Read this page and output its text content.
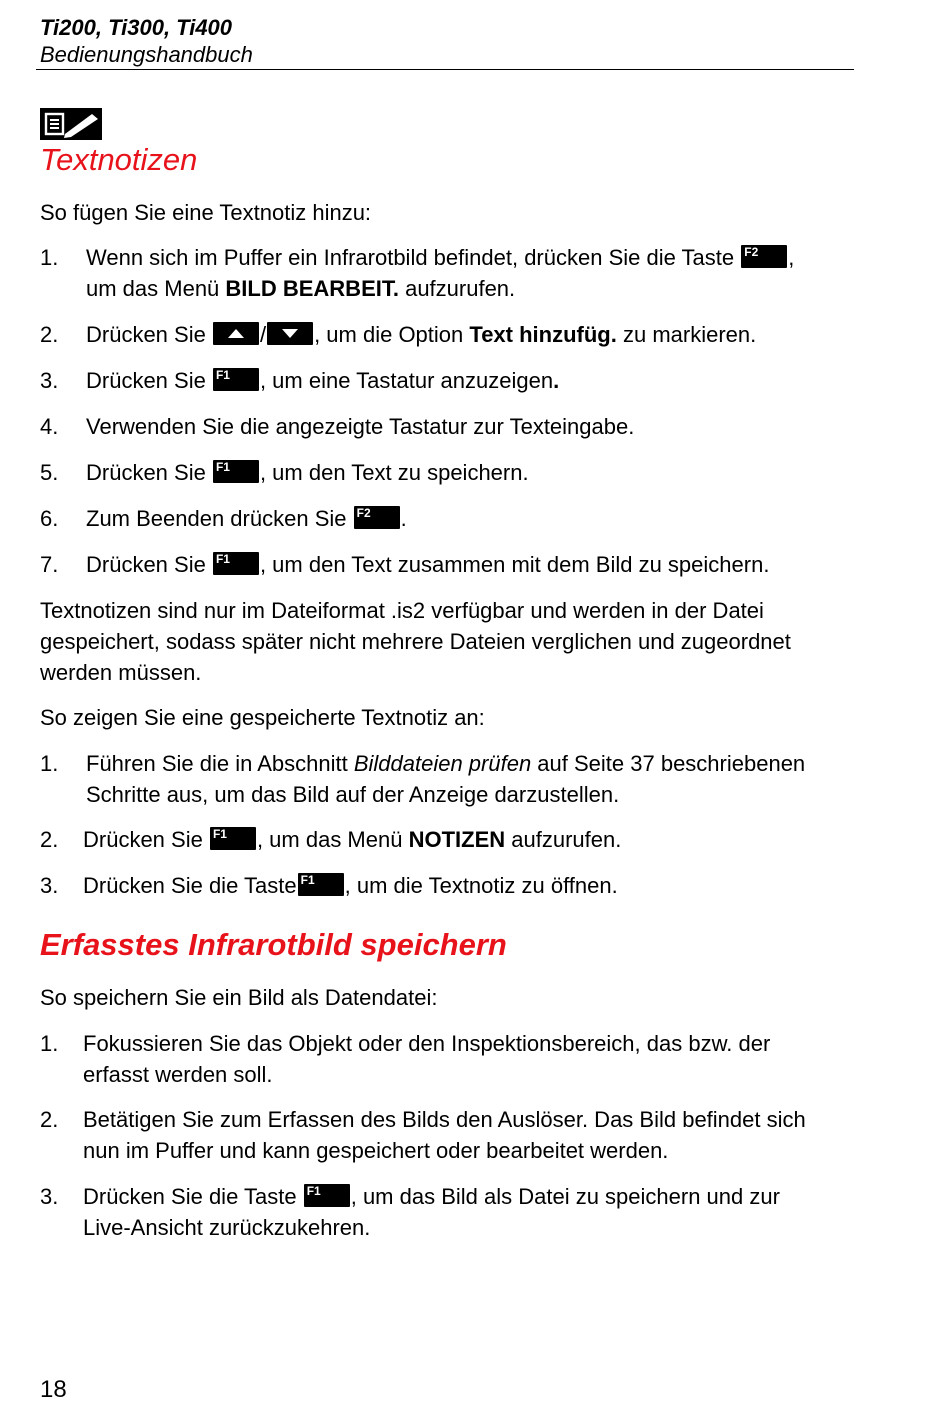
Ti200, Ti300, Ti400
Bedienungshandbuch
Textnotizen

So fügen Sie eine Textnotiz hinzu:

1. Wenn sich im Puffer ein Infrarotbild befindet, drücken Sie die Taste F2 ,
um das Menü BILD BEARBEIT. aufzurufen.
2. Drücken Sie
/ , um die Option Text hinzufüg. zu markieren.
3. Drücken Sie F1 , um eine Tastatur anzuzeigen.
4. Verwenden Sie die angezeigte Tastatur zur Texteingabe.
5. Drücken Sie F1 , um den Text zu speichern.
6. Zum Beenden drücken Sie F2 .
7. Drücken Sie F1 , um den Text zusammen mit dem Bild zu speichern.

Textnotizen sind nur im Dateiformat .is2 verfügbar und werden in der Datei
gespeichert, sodass später nicht mehrere Dateien verglichen und zugeordnet
werden müssen.

So zeigen Sie eine gespeicherte Textnotiz an:

1. Führen Sie die in Abschnitt Bilddateien prüfen auf Seite 37 beschriebenen
Schritte aus, um das Bild auf der Anzeige darzustellen.
2. Drücken Sie F1 , um das Menü NOTIZEN aufzurufen.
3. Drücken Sie die Taste F1 , um die Textnotiz zu öffnen.
Erfasstes Infrarotbild speichern

So speichern Sie ein Bild als Datendatei:

1. Fokussieren Sie das Objekt oder den Inspektionsbereich, das bzw. der
erfasst werden soll.
2. Betätigen Sie zum Erfassen des Bilds den Auslöser. Das Bild befindet sich
nun im Puffer und kann gespeichert oder bearbeitet werden.
3. Drücken Sie die Taste F1 , um das Bild als Datei zu speichern und zur
Live-Ansicht zurückzukehren.
18
